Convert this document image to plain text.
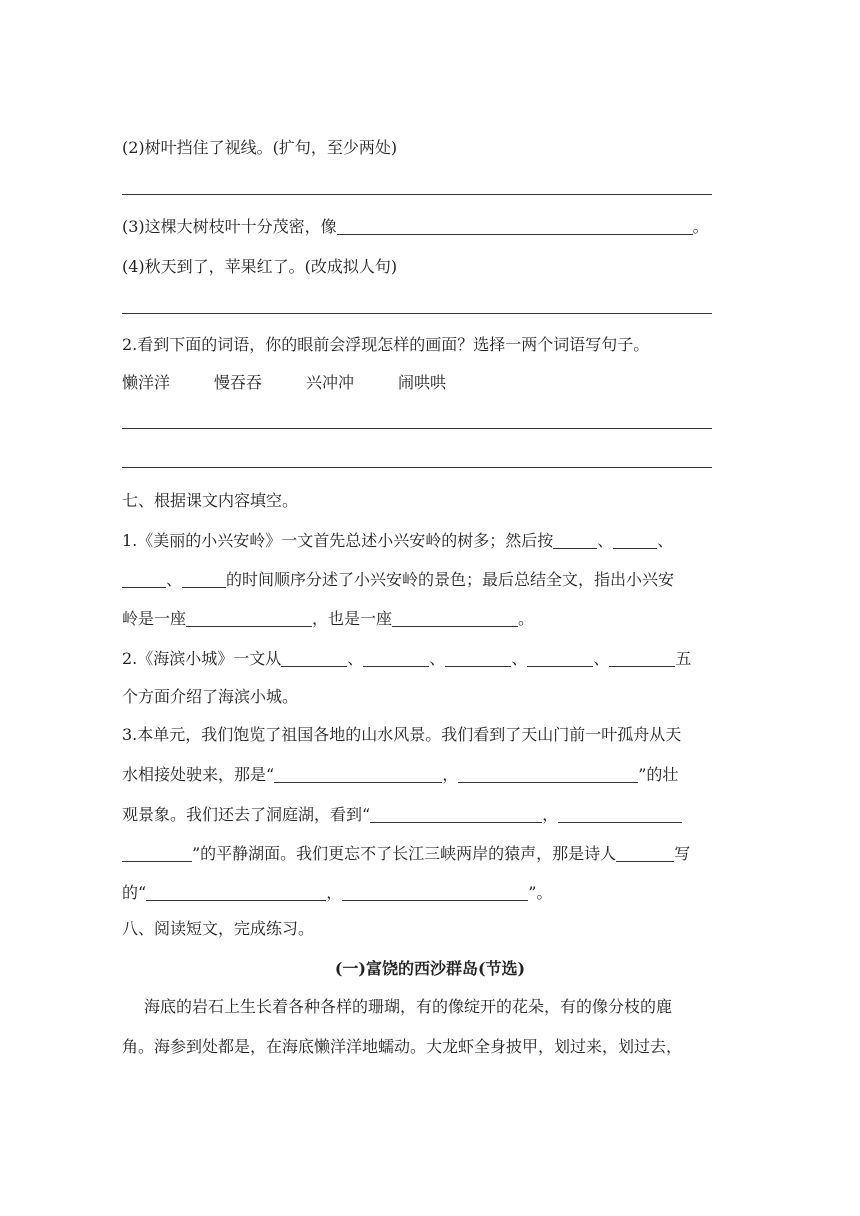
(2)树叶挡住了视线。(扩句，至少两处)
(3)这棵大树枝叶十分茂密，像	。
(4)秋天到了，苹果红了。(改成拟人句)
2.看到下面的词语，你的眼前会浮现怎样的画面？选择一两个词语写句子。
懒洋洋	慢吞吞	兴冲冲	闹哄哄
七、根据课文内容填空。
1.《美丽的小兴安岭》一文首先总述小兴安岭的树多；然后按	、	、
、	的时间顺序分述了小兴安岭的景色；最后总结全文，指出小兴安
岭是一座	，也是一座	。
2.《海滨小城》一文从	、	、	、	、	五
个方面介绍了海滨小城。
3.本单元，我们饱览了祖国各地的山水风景。我们看到了天山门前一叶孤舟从天
水相接处驶来，那是“	，	”的壮
观景象。我们还去了洞庭湖，看到“	，
”的平静湖面。我们更忘不了长江三峡两岸的猿声，那是诗人	写
的“	，	”。
八、阅读短文，完成练习。
(一)富饶的西沙群岛(节选)
海底的岩石上生长着各种各样的珊瑚，有的像绽开的花朵，有的像分枝的鹿
角。海参到处都是，在海底懒洋洋地蠕动。大龙虾全身披甲，划过来，划过去，
